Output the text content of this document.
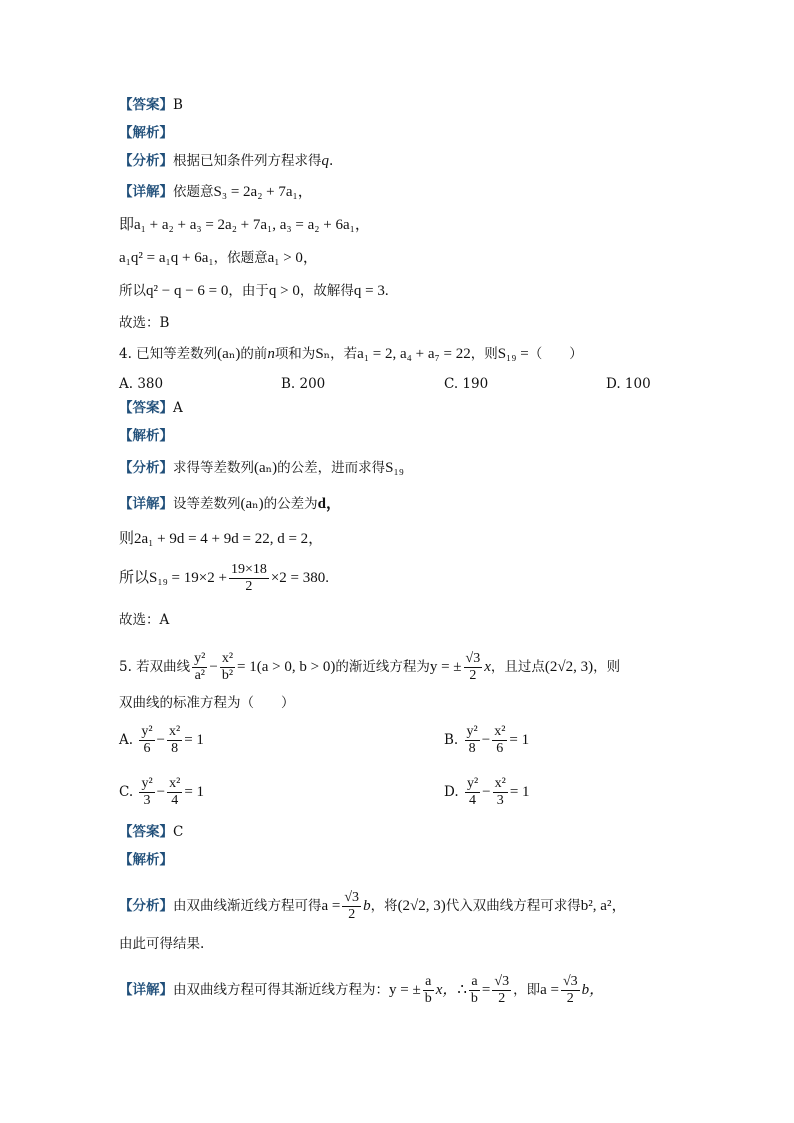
【答案】B
【解析】
【分析】根据已知条件列方程求得q.
【详解】依题意S₃ = 2a₂ + 7a₁，
即a₁ + a₂ + a₃ = 2a₂ + 7a₁, a₃ = a₂ + 6a₁，
a₁q² = a₁q + 6a₁，依题意a₁ > 0，
所以q² − q − 6 = 0，由于q > 0，故解得q = 3.
故选：B
4. 已知等差数列(aₙ)的前n项和为Sₙ，若a₁ = 2, a₄ + a₇ = 22，则S₁₉ =（　　）
A. 380	B. 200	C. 190	D. 100
【答案】A
【解析】
【分析】求得等差数列(aₙ)的公差，进而求得S₁₉
【详解】设等差数列(aₙ)的公差为d，
则2a₁ + 9d = 4 + 9d = 22, d = 2，
所以$S_{19} = 19\times 2 + \frac{19\times 18}{2} \times 2 = 380$.
故选：A
5. 若双曲线 $\frac{\text{y²}}{\text{a²}} - \frac{\text{x²}}{\text{b²}} = 1(a > 0$, b > 0)的渐近线方程为y = ± $\frac{√3}{2}$ x，且过点(2√2, 3)，则
双曲线的标准方程为（　　）
A. $\frac{\text{y²}}{6} - \frac{\text{x²}}{8} = 1$	B. $\frac{\text{y²}}{8} - \frac{\text{x²}}{6} = 1$
C. $\frac{\text{y²}}{3} - \frac{\text{x²}}{4} = 1$	D. $\frac{\text{y²}}{4} - \frac{\text{x²}}{3} = 1$
【答案】C
【解析】
【分析】由双曲线渐近线方程可得$a = \frac{√3}{2}$ b，将(2√2, 3)代入双曲线方程可求得b², a²，
由此可得结果.
【详解】由双曲线方程可得其渐近线方程为：y = ± $\frac{a}{b}$ x，∴ $\frac{a}{b} = \frac{√3}{2}$ ，即$a = \frac{√3}{2}$ b，
